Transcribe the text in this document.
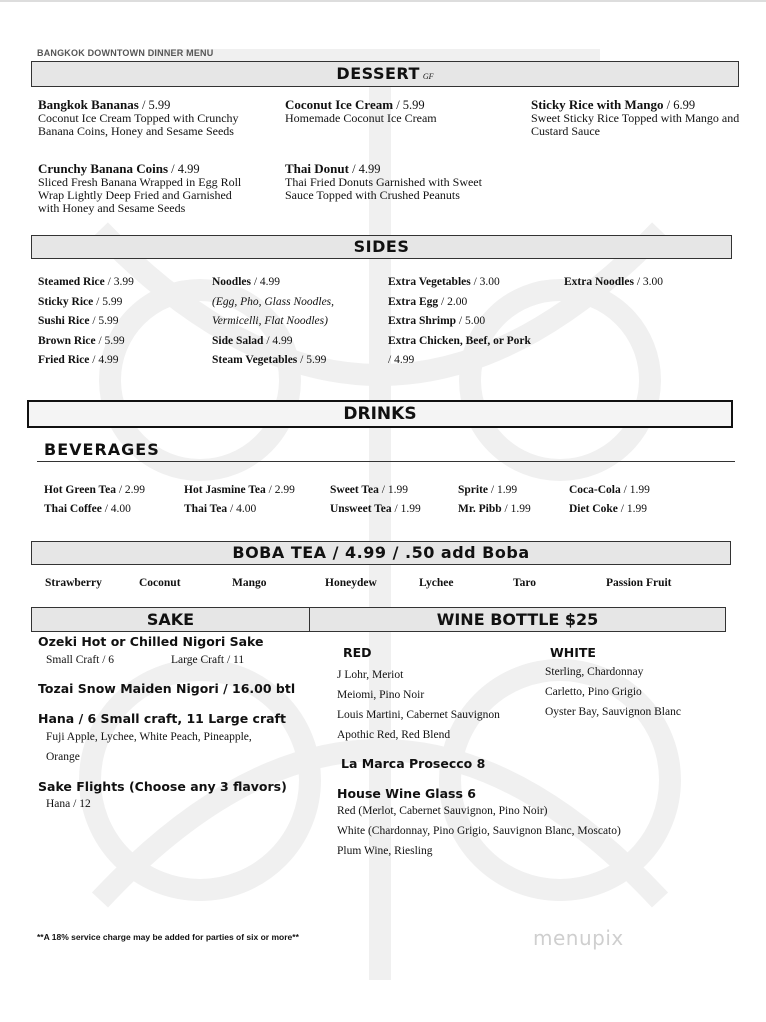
BANGKOK DOWNTOWN DINNER MENU
DESSERT GF
Bangkok Bananas / 5.99
Coconut Ice Cream Topped with Crunchy Banana Coins, Honey and Sesame Seeds
Coconut Ice Cream / 5.99
Homemade Coconut Ice Cream
Sticky Rice with Mango / 6.99
Sweet Sticky Rice Topped with Mango and Custard Sauce
Crunchy Banana Coins / 4.99
Sliced Fresh Banana Wrapped in Egg Roll Wrap Lightly Deep Fried and Garnished with Honey and Sesame Seeds
Thai Donut / 4.99
Thai Fried Donuts Garnished with Sweet Sauce Topped with Crushed Peanuts
SIDES
Steamed Rice / 3.99
Sticky Rice / 5.99
Sushi Rice / 5.99
Brown Rice / 5.99
Fried Rice / 4.99
Noodles / 4.99
(Egg, Pho, Glass Noodles,
Vermicelli, Flat Noodles)
Side Salad / 4.99
Steam Vegetables / 5.99
Extra Vegetables / 3.00
Extra Egg / 2.00
Extra Shrimp / 5.00
Extra Chicken, Beef, or Pork
/ 4.99
Extra Noodles / 3.00
DRINKS
BEVERAGES
Hot Green Tea / 2.99
Thai Coffee / 4.00
Hot Jasmine Tea / 2.99
Thai Tea / 4.00
Sweet Tea / 1.99
Unsweet Tea / 1.99
Sprite / 1.99
Mr. Pibb / 1.99
Coca-Cola / 1.99
Diet Coke / 1.99
BOBA TEA / 4.99 / .50 add Boba
Strawberry	Coconut	Mango	Honeydew	Lychee	Taro	Passion Fruit
SAKE	WINE BOTTLE $25
Ozeki Hot or Chilled Nigori Sake
Small Craft / 6	Large Craft / 11
Tozai Snow Maiden Nigori / 16.00 btl
Hana / 6 Small craft, 11 Large craft
Fuji Apple, Lychee, White Peach, Pineapple,
Orange
Sake Flights (Choose any 3 flavors)
Hana / 12
RED
J Lohr, Meriot
Meiomi, Pino Noir
Louis Martini, Cabernet Sauvignon
Apothic Red, Red Blend
WHITE
Sterling, Chardonnay
Carletto, Pino Grigio
Oyster Bay, Sauvignon Blanc
La Marca Prosecco 8
House Wine Glass 6
Red (Merlot, Cabernet Sauvignon, Pino Noir)
White (Chardonnay, Pino Grigio, Sauvignon Blanc, Moscato)
Plum Wine, Riesling
**A 18% service charge may be added for parties of six or more**	menupix
